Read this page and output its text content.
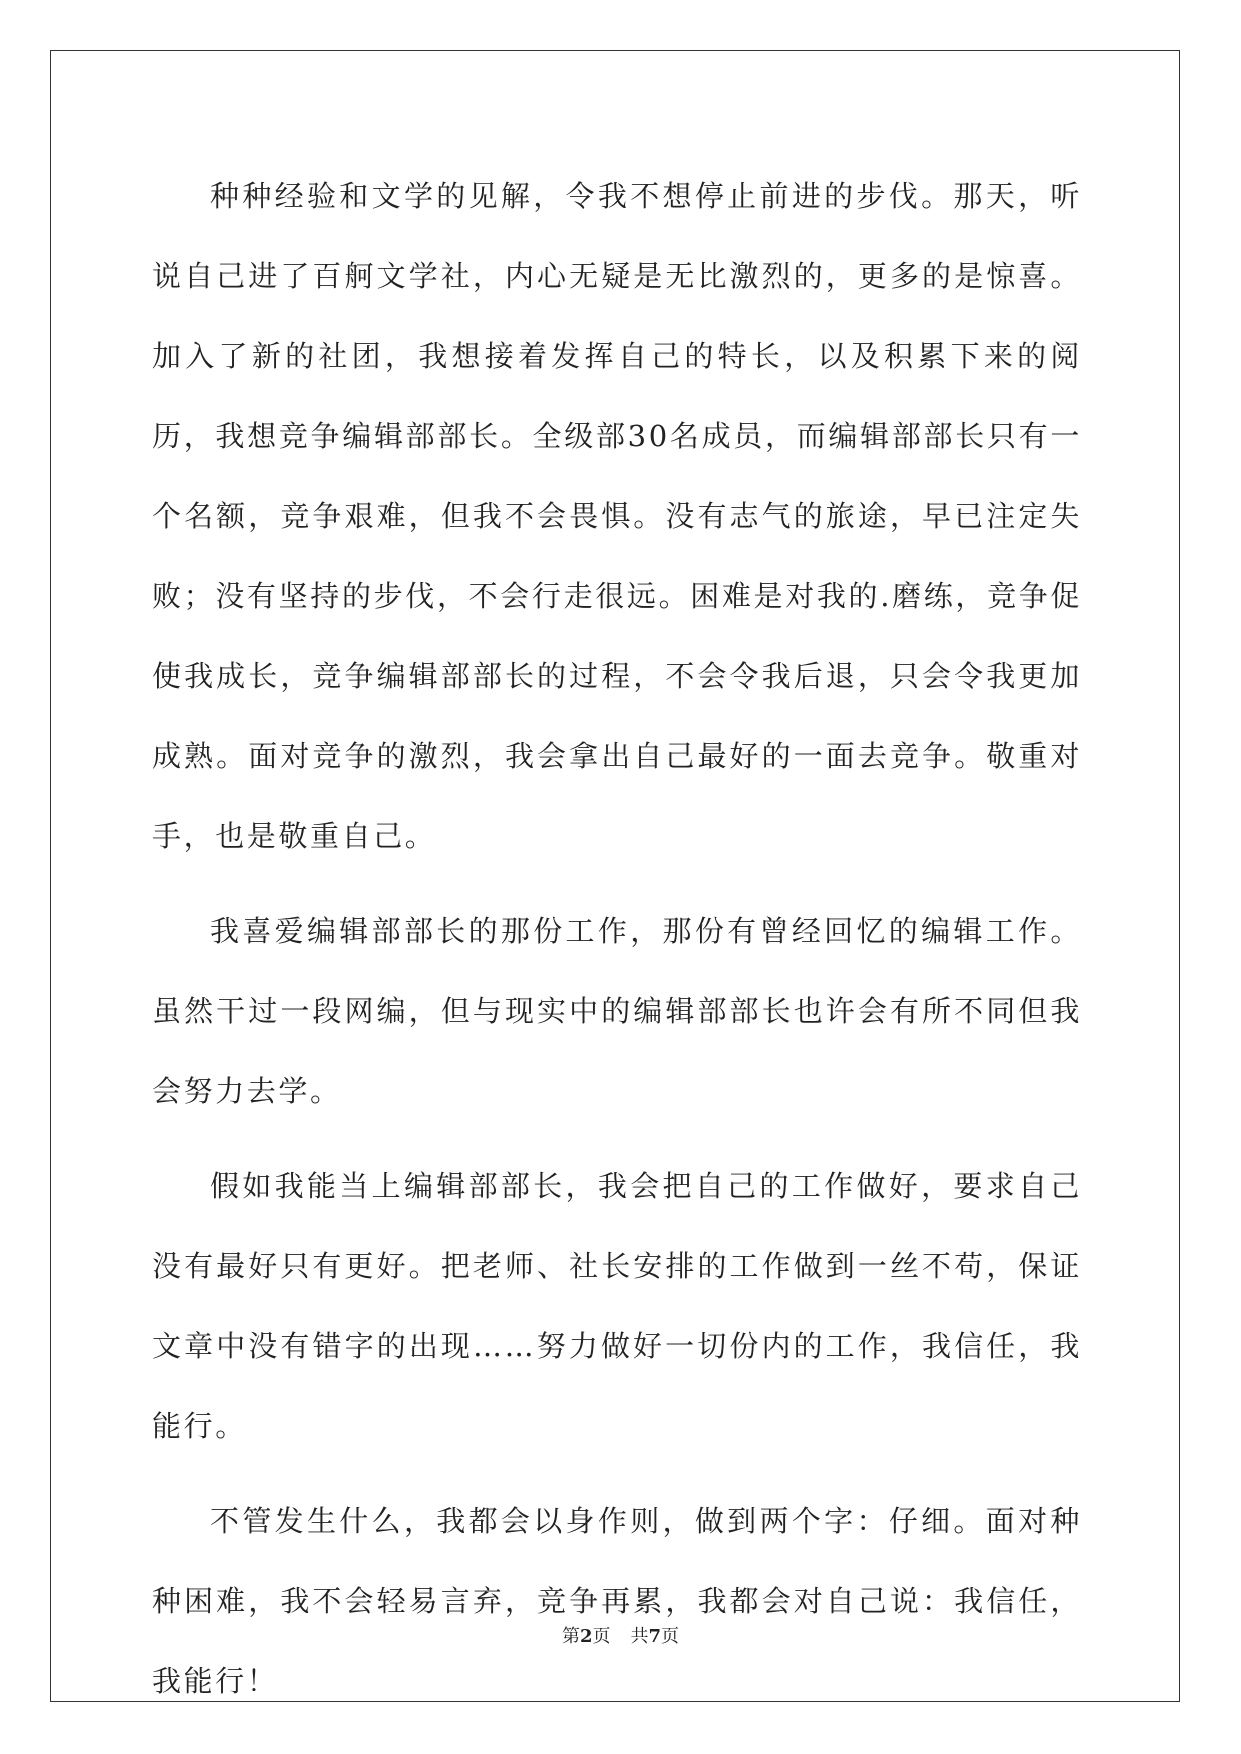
种种经验和文学的见解，令我不想停止前进的步伐。那天，听说自己进了百舸文学社，内心无疑是无比激烈的，更多的是惊喜。加入了新的社团，我想接着发挥自己的特长，以及积累下来的阅历，我想竞争编辑部部长。全级部30名成员，而编辑部部长只有一个名额，竞争艰难，但我不会畏惧。没有志气的旅途，早已注定失败；没有坚持的步伐，不会行走很远。困难是对我的.磨练，竞争促使我成长，竞争编辑部部长的过程，不会令我后退，只会令我更加成熟。面对竞争的激烈，我会拿出自己最好的一面去竞争。敬重对手，也是敬重自己。

我喜爱编辑部部长的那份工作，那份有曾经回忆的编辑工作。虽然干过一段网编，但与现实中的编辑部部长也许会有所不同但我会努力去学。

假如我能当上编辑部部长，我会把自己的工作做好，要求自己没有最好只有更好。把老师、社长安排的工作做到一丝不苟，保证文章中没有错字的出现……努力做好一切份内的工作，我信任，我能行。

不管发生什么，我都会以身作则，做到两个字：仔细。面对种种困难，我不会轻易言弃，竞争再累，我都会对自己说：我信任，我能行！

第2页 共7页
